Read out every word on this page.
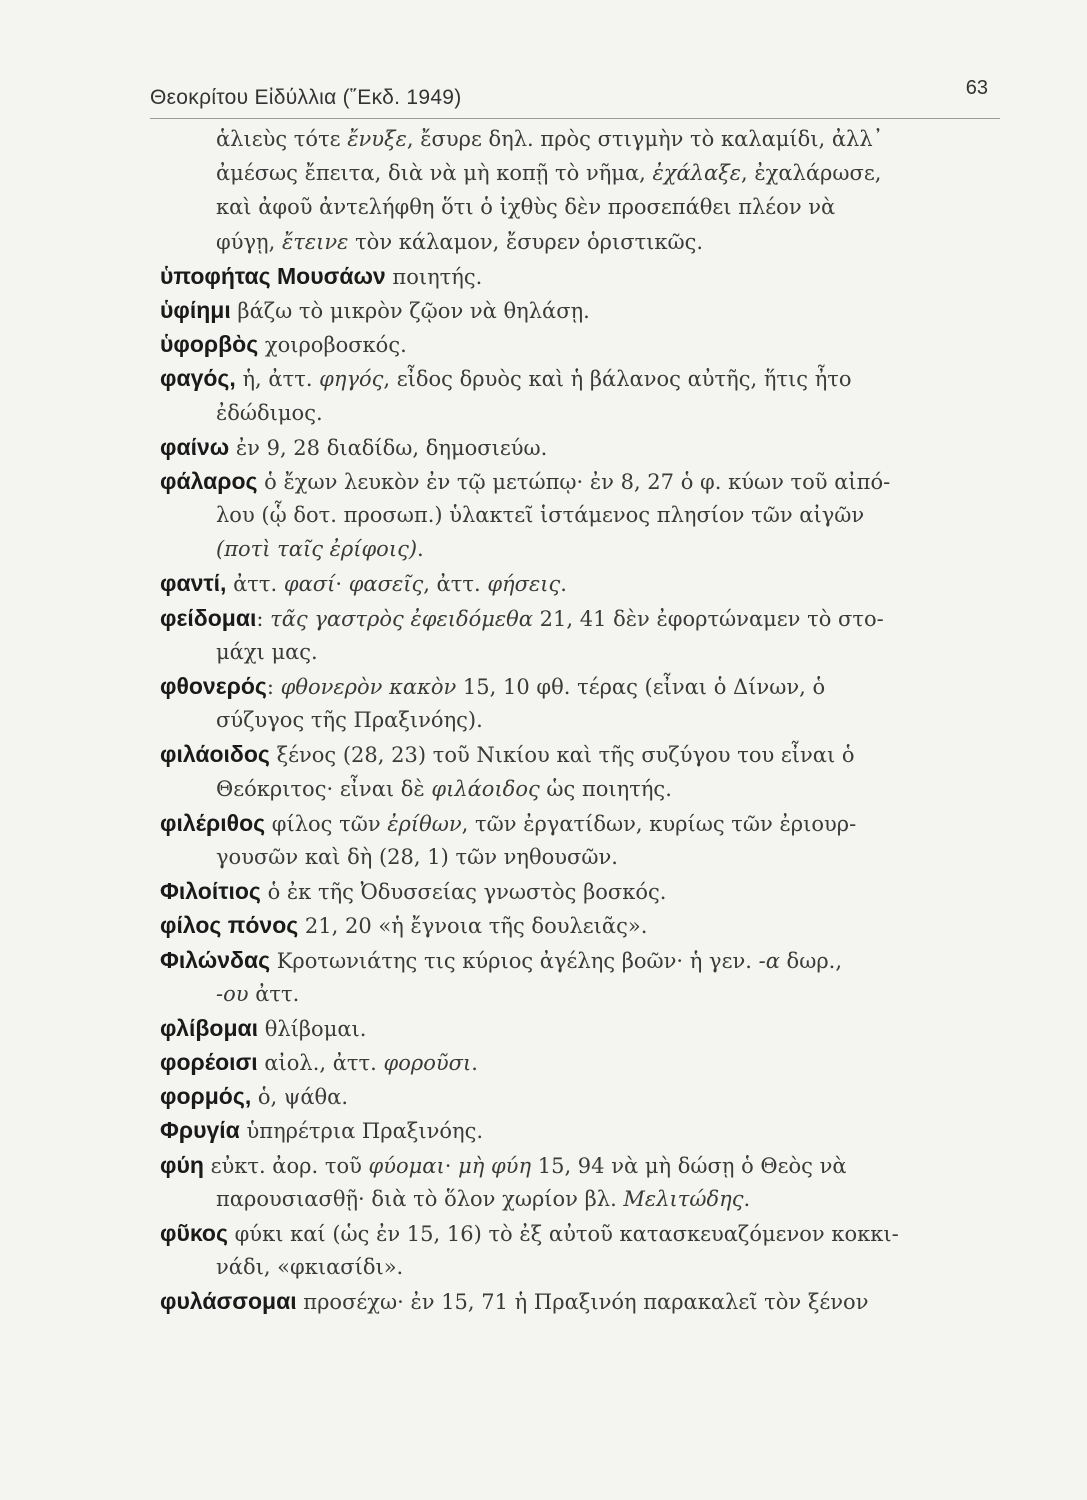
Θεοκρίτου Εἰδύλλια (῞Εκδ. 1949)	63
ἁλιεὺς τότε ἔνυξε, ἔσυρε δηλ. πρὸς στιγμὴν τὸ καλαμίδι, ἀλλ᾽
ἀμέσως ἔπειτα, διὰ νὰ μὴ κοπῇ τὸ νῆμα, ἐχάλαξε, ἐχαλάρωσε,
καὶ ἀφοῦ ἀντελήφθη ὅτι ὁ ἰχθὺς δὲν προσεπάθει πλέον νὰ
φύγῃ, ἔτεινε τὸν κάλαμον, ἔσυρεν ὁριστικῶς.
ὑποφήτας Μουσάων ποιητής.
ὑφίημι βάζω τὸ μικρὸν ζῷον νὰ θηλάσῃ.
ὑφορβὸς χοιροβοσκός.
φαγός, ἡ, ἀττ. φηγός, εἶδος δρυὸς καὶ ἡ βάλανος αὐτῆς, ἥτις ἦτο
ἐδώδιμος.
φαίνω ἐν 9, 28 διαδίδω, δημοσιεύω.
φάλαρος ὁ ἔχων λευκὸν ἐν τῷ μετώπῳ· ἐν 8, 27 ὁ φ. κύων τοῦ αἰπό-
λου (ᾧ δοτ. προσωπ.) ὑλακτεῖ ἱστάμενος πλησίον τῶν αἰγῶν
(ποτὶ ταῖς ἐρίφοις).
φαντί, ἀττ. φασί· φασεῖς, ἀττ. φήσεις.
φείδομαι: τᾶς γαστρὸς ἐφειδόμεθα 21, 41 δὲν ἐφορτώναμεν τὸ στο-
μάχι μας.
φθονερός: φθονερὸν κακὸν 15, 10 φθ. τέρας (εἶναι ὁ Δίνων, ὁ
σύζυγος τῆς Πραξινόης).
φιλάοιδος ξένος (28, 23) τοῦ Νικίου καὶ τῆς συζύγου του εἶναι ὁ
Θεόκριτος· εἶναι δὲ φιλάοιδος ὡς ποιητής.
φιλέριθος φίλος τῶν ἐρίθων, τῶν ἐργατίδων, κυρίως τῶν ἐριουρ-
γουσῶν καὶ δὴ (28, 1) τῶν νηθουσῶν.
Φιλοίτιος ὁ ἐκ τῆς Ὀδυσσείας γνωστὸς βοσκός.
φίλος πόνος 21, 20 «ἡ ἔγνοια τῆς δουλειᾶς».
Φιλώνδας Κροτωνιάτης τις κύριος ἀγέλης βοῶν· ἡ γεν. -α δωρ.,
-ου ἀττ.
φλίβομαι θλίβομαι.
φορέοισι αἰολ., ἀττ. φοροῦσι.
φορμός, ὁ, ψάθα.
Φρυγία ὑπηρέτρια Πραξινόης.
φύη εὐκτ. ἀορ. τοῦ φύομαι· μὴ φύη 15, 94 νὰ μὴ δώσῃ ὁ Θεὸς νὰ
παρουσιασθῇ· διὰ τὸ ὅλον χωρίον βλ. Μελιτώδης.
φῦκος φύκι καί (ὡς ἐν 15, 16) τὸ ἐξ αὐτοῦ κατασκευαζόμενον κοκκι-
νάδι, «φκιασίδι».
φυλάσσομαι προσέχω· ἐν 15, 71 ἡ Πραξινόη παρακαλεῖ τὸν ξένον
